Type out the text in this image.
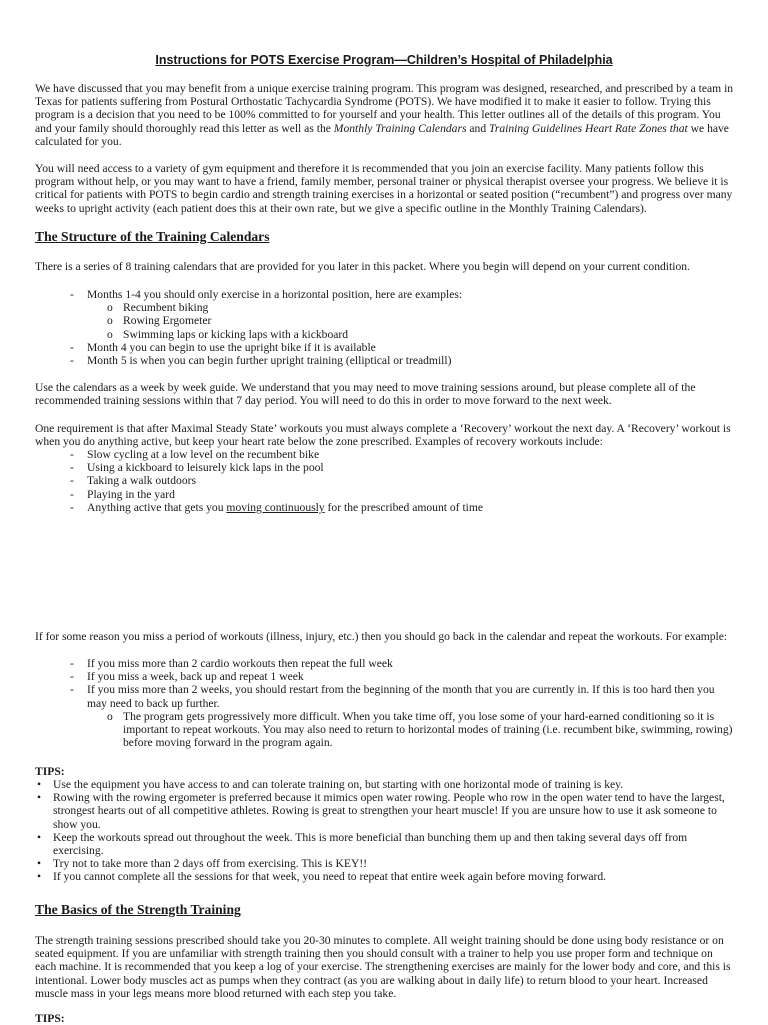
Instructions for POTS Exercise Program—Children’s Hospital of Philadelphia

We have discussed that you may benefit from a unique exercise training program. This program was designed, researched, and prescribed by a team in Texas for patients suffering from Postural Orthostatic Tachycardia Syndrome (POTS). We have modified it to make it easier to follow. Trying this program is a decision that you need to be 100% committed to for yourself and your health. This letter outlines all of the details of this program. You and your family should thoroughly read this letter as well as the Monthly Training Calendars and Training Guidelines Heart Rate Zones that we have calculated for you.

You will need access to a variety of gym equipment and therefore it is recommended that you join an exercise facility. Many patients follow this program without help, or you may want to have a friend, family member, personal trainer or physical therapist oversee your progress. We believe it is critical for patients with POTS to begin cardio and strength training exercises in a horizontal or seated position (“recumbent”) and progress over many weeks to upright activity (each patient does this at their own rate, but we give a specific outline in the Monthly Training Calendars).

The Structure of the Training Calendars

There is a series of 8 training calendars that are provided for you later in this packet. Where you begin will depend on your current condition.

- Months 1-4 you should only exercise in a horizontal position, here are examples:
o Recumbent biking
o Rowing Ergometer
o Swimming laps or kicking laps with a kickboard
- Month 4 you can begin to use the upright bike if it is available
- Month 5 is when you can begin further upright training (elliptical or treadmill)

Use the calendars as a week by week guide. We understand that you may need to move training sessions around, but please complete all of the recommended training sessions within that 7 day period. You will need to do this in order to move forward to the next week.

One requirement is that after Maximal Steady State’ workouts you must always complete a ‘Recovery’ workout the next day. A ‘Recovery’ workout is when you do anything active, but keep your heart rate below the zone prescribed. Examples of recovery workouts include:

- Slow cycling at a low level on the recumbent bike
- Using a kickboard to leisurely kick laps in the pool
- Taking a walk outdoors
- Playing in the yard
- Anything active that gets you moving continuously for the prescribed amount of time

If for some reason you miss a period of workouts (illness, injury, etc.) then you should go back in the calendar and repeat the workouts. For example:

- If you miss more than 2 cardio workouts then repeat the full week
- If you miss a week, back up and repeat 1 week
- If you miss more than 2 weeks, you should restart from the beginning of the month that you are currently in. If this is too hard then you may need to back up further.
o The program gets progressively more difficult. When you take time off, you lose some of your hard-earned conditioning so it is important to repeat workouts. You may also need to return to horizontal modes of training (i.e. recumbent bike, swimming, rowing) before moving forward in the program again.
TIPS:
• Use the equipment you have access to and can tolerate training on, but starting with one horizontal mode of training is key.
• Rowing with the rowing ergometer is preferred because it mimics open water rowing. People who row in the open water tend to have the largest, strongest hearts out of all competitive athletes. Rowing is great to strengthen your heart muscle! If you are unsure how to use it ask someone to show you.
• Keep the workouts spread out throughout the week. This is more beneficial than bunching them up and then taking several days off from exercising.
• Try not to take more than 2 days off from exercising. This is KEY!!
• If you cannot complete all the sessions for that week, you need to repeat that entire week again before moving forward.
The Basics of the Strength Training

The strength training sessions prescribed should take you 20-30 minutes to complete. All weight training should be done using body resistance or on seated equipment. If you are unfamiliar with strength training then you should consult with a trainer to help you use proper form and technique on each machine. It is recommended that you keep a log of your exercise. The strengthening exercises are mainly for the lower body and core, and this is intentional. Lower body muscles act as pumps when they contract (as you are walking about in daily life) to return blood to your heart. Increased muscle mass in your legs means more blood returned with each step you take.

TIPS:
